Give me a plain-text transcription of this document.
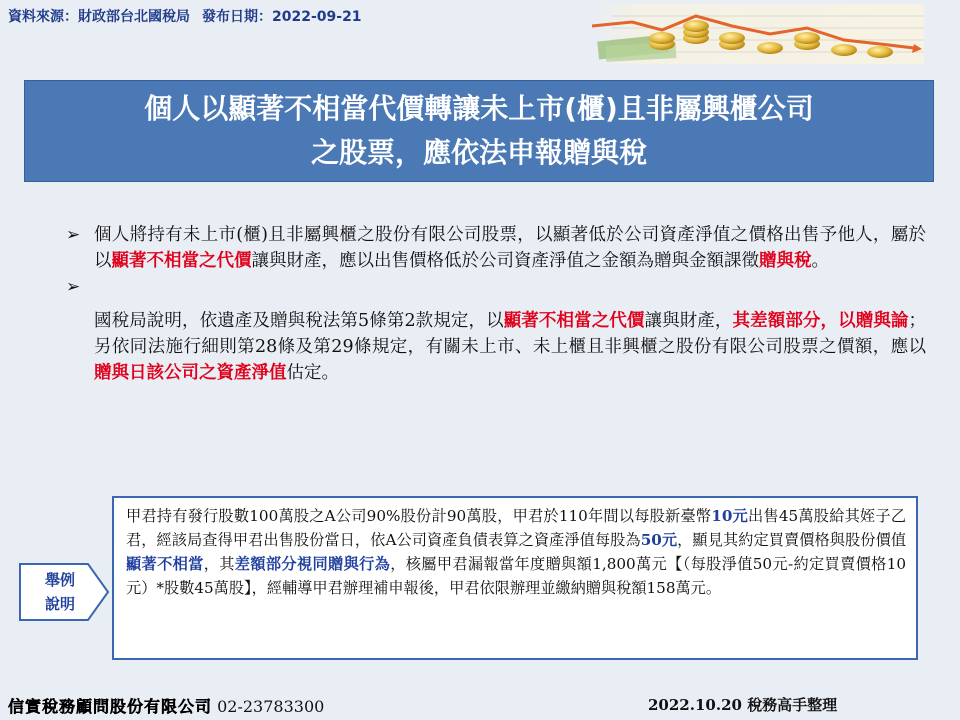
資料來源：財政部台北國稅局 發布日期：2022-09-21
個人以顯著不相當代價轉讓未上市(櫃)且非屬興櫃公司
之股票，應依法申報贈與稅
➢ 個人將持有未上市(櫃)且非屬興櫃之股份有限公司股票，以顯著低於公司資產淨值之價格出售予他人，屬於以顯著不相當之代價讓與財產，應以出售價格低於公司資產淨值之金額為贈與金額課徵贈與稅。

➢

國稅局說明，依遺產及贈與稅法第5條第2款規定，以顯著不相當之代價讓與財產，其差額部分，以贈與論；另依同法施行細則第28條及第29條規定，有關未上市、未上櫃且非興櫃之股份有限公司股票之價額，應以贈與日該公司之資產淨值估定。

舉例
說明
甲君持有發行股數100萬股之A公司90%股份計90萬股，甲君於110年間以每股新臺幣10元出售45萬股給其姪子乙君，經該局查得甲君出售股份當日，依A公司資產負債表算之資產淨值每股為50元，顯見其約定買賣價格與股份價值顯著不相當，其差額部分視同贈與行為，核屬甲君漏報當年度贈與額1,800萬元【（每股淨值50元-約定買賣價格10元）*股數45萬股】，經輔導甲君辦理補申報後，甲君依限辦理並繳納贈與稅額158萬元。
信實稅務顧問股份有限公司 02-23783300	2022.10.20 稅務高手整理
